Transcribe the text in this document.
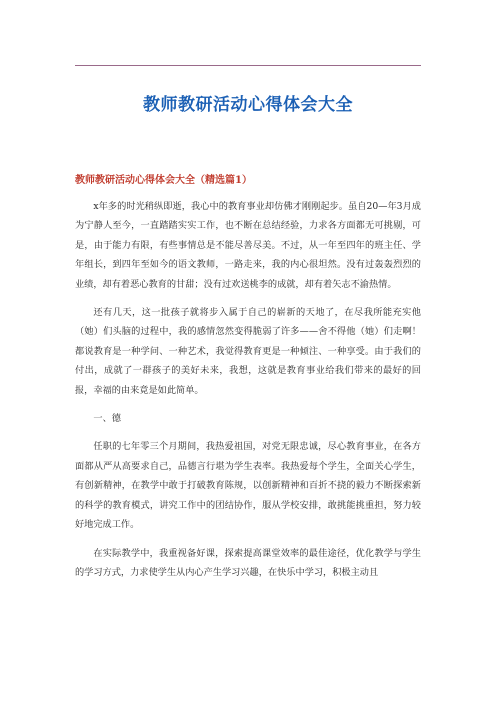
教师教研活动心得体会大全
教师教研活动心得体会大全（精选篇1）

x年多的时光稍纵即逝，我心中的教育事业却仿佛才刚刚起步。虽自20—年3月成为宁静人至今，一直踏踏实实工作，也不断在总结经验，力求各方面都无可挑剔，可是，由于能力有限，有些事情总是不能尽善尽美。不过，从一年至四年的班主任、学年组长，到四年至如今的语文教师，一路走来，我的内心很坦然。没有过轰轰烈烈的业绩，却有着恶心教育的甘甜；没有过欢送桃李的成就，却有着矢志不渝热情。

还有几天，这一批孩子就将步入属于自己的崭新的天地了，在尽我所能充实他（她）们头脑的过程中，我的感情忽然变得脆弱了许多——舍不得他（她）们走啊！都说教育是一种学问、一种艺术，我觉得教育更是一种倾注、一种享受。由于我们的付出，成就了一群孩子的美好未来，我想，这就是教育事业给我们带来的最好的回报，幸福的由来竟是如此简单。

一、德

任职的七年零三个月期间，我热爱祖国，对党无限忠诚，尽心教育事业，在各方面都从严从高要求自己，品德言行堪为学生表率。我热爱每个学生，全面关心学生，有创新精神，在教学中敢于打破教育陈规，以创新精神和百折不挠的毅力不断探索新的科学的教育模式，讲究工作中的团结协作，服从学校安排，敢挑能挑重担，努力较好地完成工作。

在实际教学中，我重视备好课，探索提高课堂效率的最佳途径，优化教学与学生的学习方式，力求使学生从内心产生学习兴趣，在快乐中学习，积极主动且
